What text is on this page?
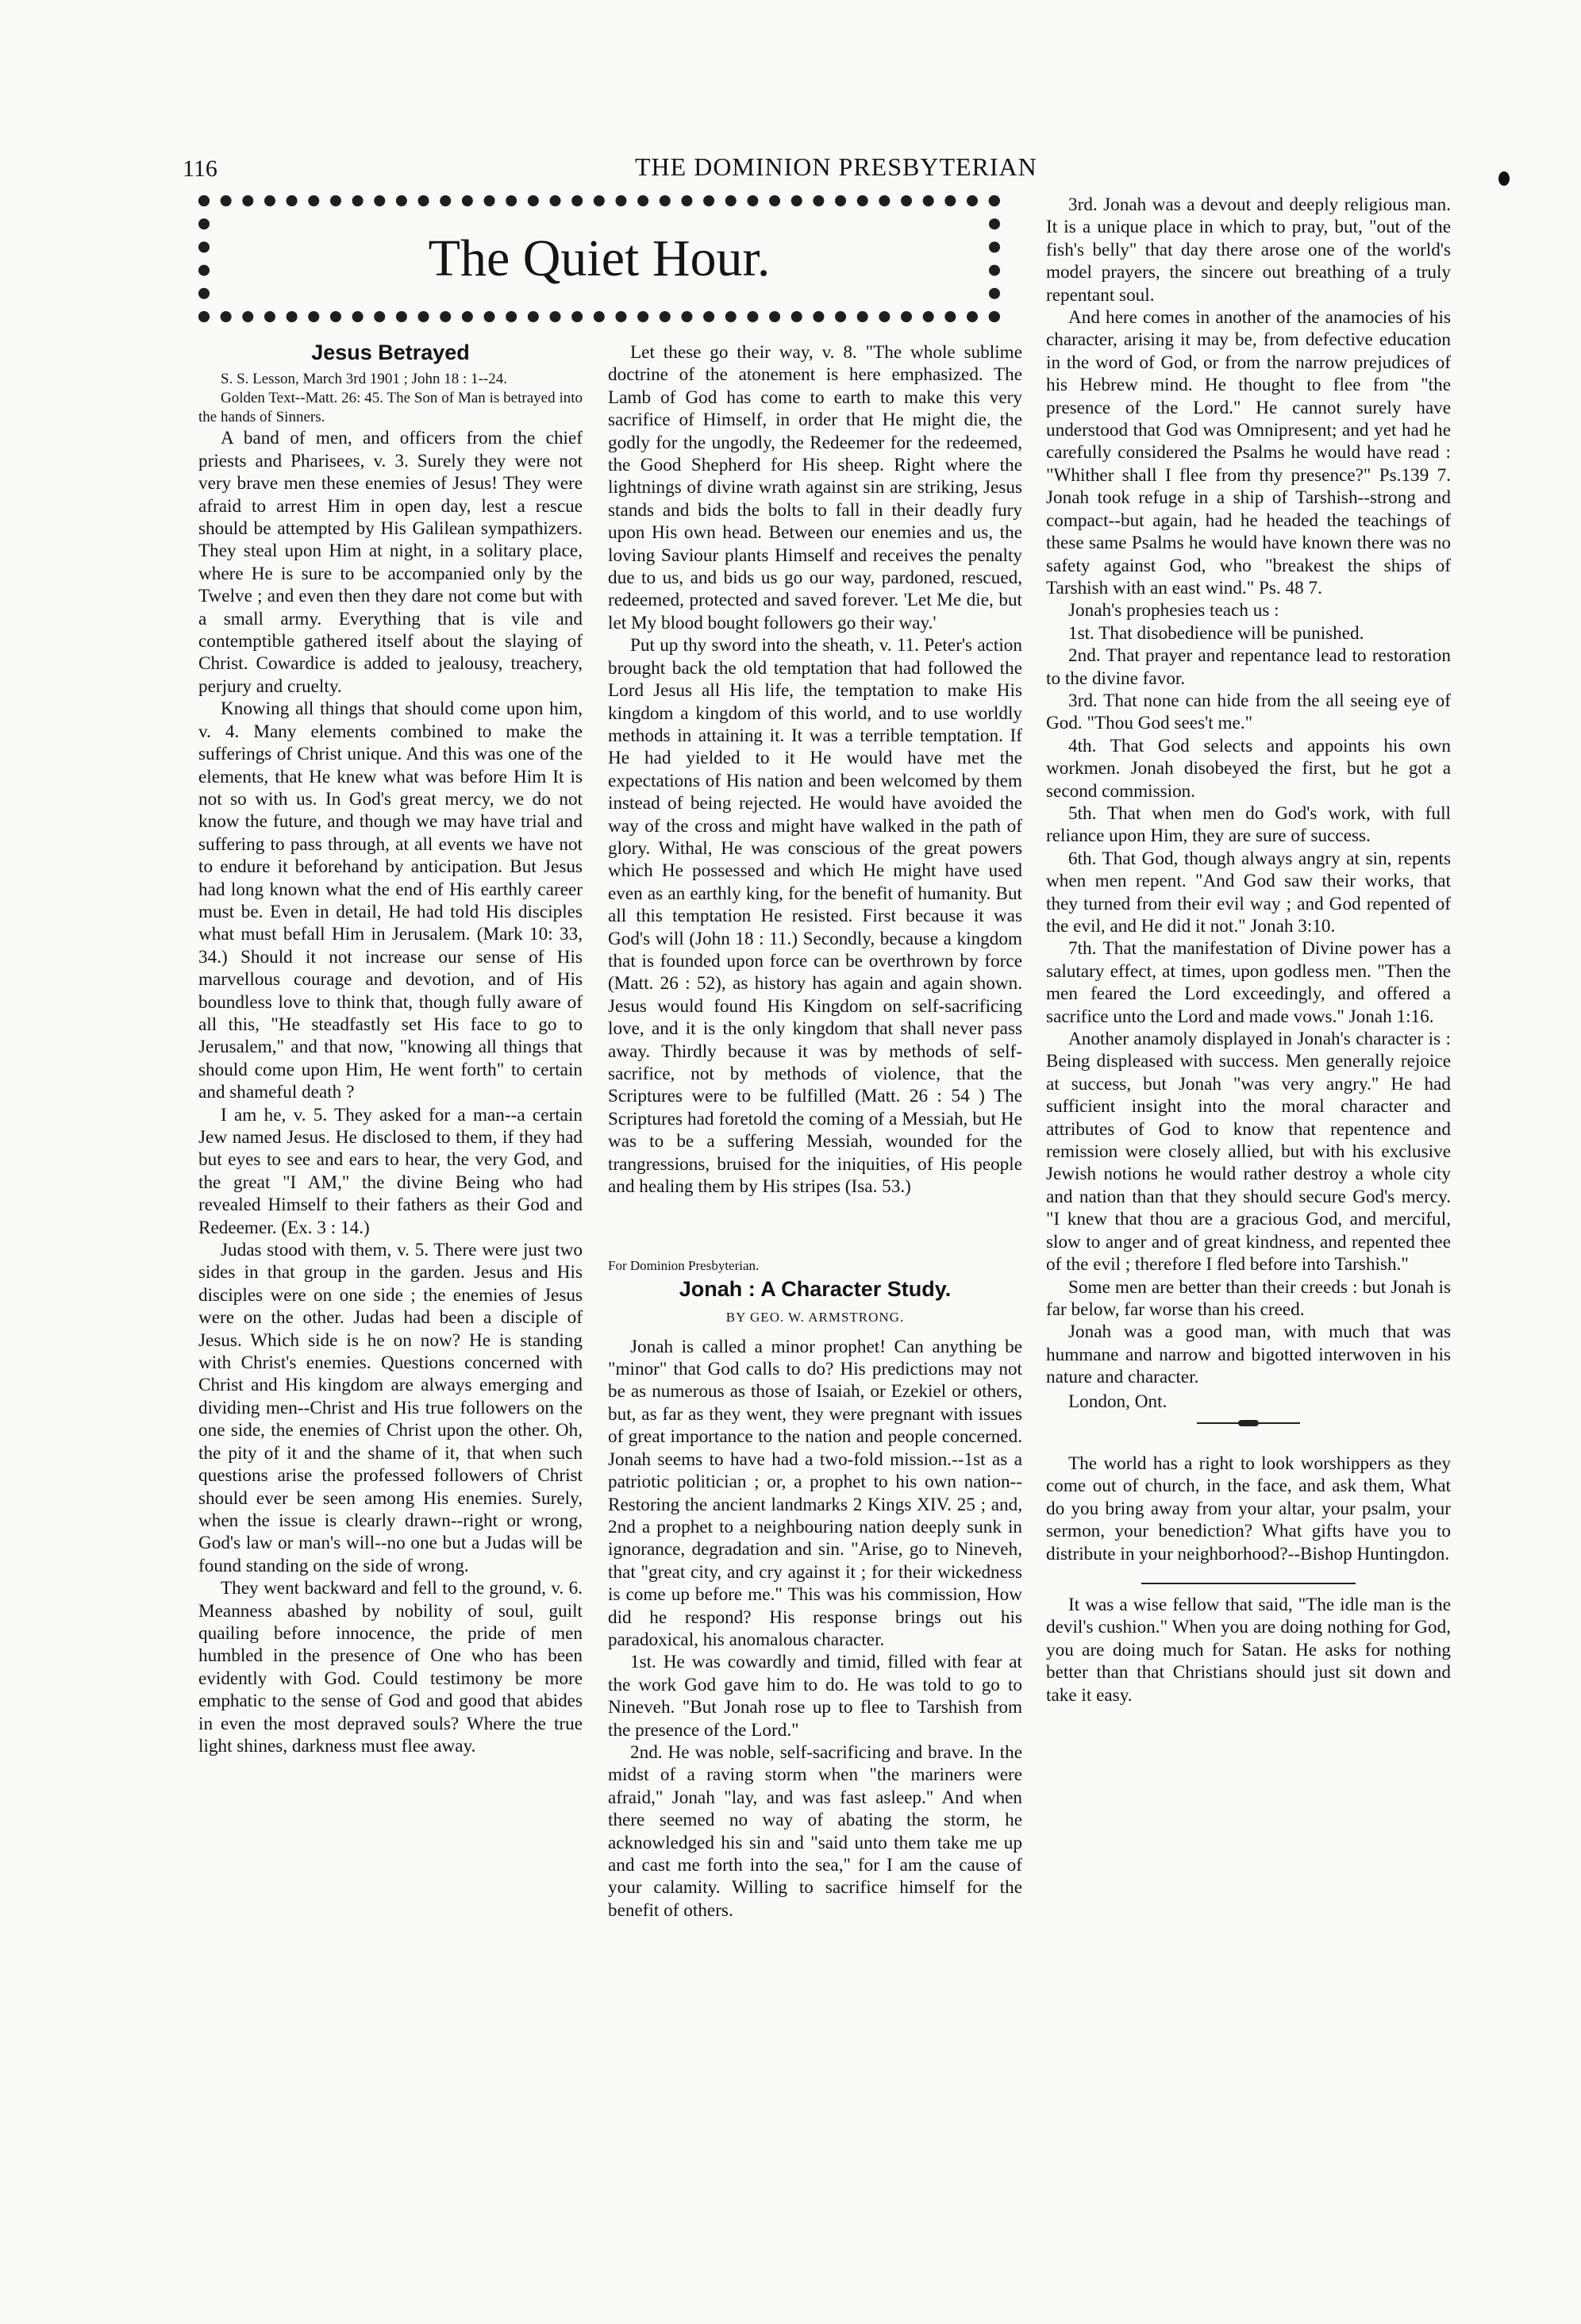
116	THE DOMINION PRESBYTERIAN
The Quiet Hour.
Jesus Betrayed

S. S. Lesson, March 3rd 1901 ; John 18 : 1--24.

Golden Text--Matt. 26: 45. The Son of Man is betrayed into the hands of Sinners.

A band of men, and officers from the chief priests and Pharisees, v. 3. Surely they were not very brave men these enemies of Jesus! They were afraid to arrest Him in open day, lest a rescue should be attempted by His Galilean sympathizers. They steal upon Him at night, in a solitary place, where He is sure to be accompanied only by the Twelve ; and even then they dare not come but with a small army. Everything that is vile and contemptible gathered itself about the slaying of Christ. Cowardice is added to jealousy, treachery, perjury and cruelty.

Knowing all things that should come upon him, v. 4. Many elements combined to make the sufferings of Christ unique. And this was one of the elements, that He knew what was before Him It is not so with us. In God's great mercy, we do not know the future, and though we may have trial and suffering to pass through, at all events we have not to endure it beforehand by anticipation. But Jesus had long known what the end of His earthly career must be. Even in detail, He had told His disciples what must befall Him in Jerusalem. (Mark 10: 33, 34.) Should it not increase our sense of His marvellous courage and devotion, and of His boundless love to think that, though fully aware of all this, "He steadfastly set His face to go to Jerusalem," and that now, "knowing all things that should come upon Him, He went forth" to certain and shameful death ?

I am he, v. 5. They asked for a man--a certain Jew named Jesus. He disclosed to them, if they had but eyes to see and ears to hear, the very God, and the great "I AM," the divine Being who had revealed Himself to their fathers as their God and Redeemer. (Ex. 3 : 14.)

Judas stood with them, v. 5. There were just two sides in that group in the garden. Jesus and His disciples were on one side ; the enemies of Jesus were on the other. Judas had been a disciple of Jesus. Which side is he on now? He is standing with Christ's enemies. Questions concerned with Christ and His kingdom are always emerging and dividing men--Christ and His true followers on the one side, the enemies of Christ upon the other. Oh, the pity of it and the shame of it, that when such questions arise the professed followers of Christ should ever be seen among His enemies. Surely, when the issue is clearly drawn--right or wrong, God's law or man's will--no one but a Judas will be found standing on the side of wrong.

They went backward and fell to the ground, v. 6. Meanness abashed by nobility of soul, guilt quailing before innocence, the pride of men humbled in the presence of One who has been evidently with God. Could testimony be more emphatic to the sense of God and good that abides in even the most depraved souls? Where the true light shines, darkness must flee away.

Let these go their way, v. 8. "The whole sublime doctrine of the atonement is here emphasized. The Lamb of God has come to earth to make this very sacrifice of Himself, in order that He might die, the godly for the ungodly, the Redeemer for the redeemed, the Good Shepherd for His sheep. Right where the lightnings of divine wrath against sin are striking, Jesus stands and bids the bolts to fall in their deadly fury upon His own head. Between our enemies and us, the loving Saviour plants Himself and receives the penalty due to us, and bids us go our way, pardoned, rescued, redeemed, protected and saved forever. 'Let Me die, but let My blood bought followers go their way.'

Put up thy sword into the sheath, v. 11. Peter's action brought back the old temptation that had followed the Lord Jesus all His life, the temptation to make His kingdom a kingdom of this world, and to use worldly methods in attaining it. It was a terrible temptation. If He had yielded to it He would have met the expectations of His nation and been welcomed by them instead of being rejected. He would have avoided the way of the cross and might have walked in the path of glory. Withal, He was conscious of the great powers which He possessed and which He might have used even as an earthly king, for the benefit of humanity. But all this temptation He resisted. First because it was God's will (John 18 : 11.) Secondly, because a kingdom that is founded upon force can be overthrown by force (Matt. 26 : 52), as history has again and again shown. Jesus would found His Kingdom on self-sacrificing love, and it is the only kingdom that shall never pass away. Thirdly because it was by methods of self-sacrifice, not by methods of violence, that the Scriptures were to be fulfilled (Matt. 26 : 54 ) The Scriptures had foretold the coming of a Messiah, but He was to be a suffering Messiah, wounded for the trangressions, bruised for the iniquities, of His people and healing them by His stripes (Isa. 53.)

For Dominion Presbyterian.

Jonah : A Character Study.

BY GEO. W. ARMSTRONG.

Jonah is called a minor prophet! Can anything be "minor" that God calls to do? His predictions may not be as numerous as those of Isaiah, or Ezekiel or others, but, as far as they went, they were pregnant with issues of great importance to the nation and people concerned. Jonah seems to have had a two-fold mission.--1st as a patriotic politician ; or, a prophet to his own nation--Restoring the ancient landmarks 2 Kings XIV. 25 ; and, 2nd a prophet to a neighbouring nation deeply sunk in ignorance, degradation and sin. "Arise, go to Nineveh, that "great city, and cry against it ; for their wickedness is come up before me." This was his commission, How did he respond? His response brings out his paradoxical, his anomalous character.

1st. He was cowardly and timid, filled with fear at the work God gave him to do. He was told to go to Nineveh. "But Jonah rose up to flee to Tarshish from the presence of the Lord."

2nd. He was noble, self-sacrificing and brave. In the midst of a raving storm when "the mariners were afraid," Jonah "lay, and was fast asleep." And when there seemed no way of abating the storm, he acknowledged his sin and "said unto them take me up and cast me forth into the sea," for I am the cause of your calamity. Willing to sacrifice himself for the benefit of others.

3rd. Jonah was a devout and deeply religious man. It is a unique place in which to pray, but, "out of the fish's belly" that day there arose one of the world's model prayers, the sincere out breathing of a truly repentant soul.

And here comes in another of the anamocies of his character, arising it may be, from defective education in the word of God, or from the narrow prejudices of his Hebrew mind. He thought to flee from "the presence of the Lord." He cannot surely have understood that God was Omnipresent; and yet had he carefully considered the Psalms he would have read : "Whither shall I flee from thy presence?" Ps.139 7. Jonah took refuge in a ship of Tarshish--strong and compact--but again, had he headed the teachings of these same Psalms he would have known there was no safety against God, who "breakest the ships of Tarshish with an east wind." Ps. 48 7.

Jonah's prophesies teach us :

1st. That disobedience will be punished.

2nd. That prayer and repentance lead to restoration to the divine favor.

3rd. That none can hide from the all seeing eye of God. "Thou God sees't me."

4th. That God selects and appoints his own workmen. Jonah disobeyed the first, but he got a second commission.

5th. That when men do God's work, with full reliance upon Him, they are sure of success.

6th. That God, though always angry at sin, repents when men repent. "And God saw their works, that they turned from their evil way ; and God repented of the evil, and He did it not." Jonah 3:10.

7th. That the manifestation of Divine power has a salutary effect, at times, upon godless men. "Then the men feared the Lord exceedingly, and offered a sacrifice unto the Lord and made vows." Jonah 1:16.

Another anamoly displayed in Jonah's character is : Being displeased with success. Men generally rejoice at success, but Jonah "was very angry." He had sufficient insight into the moral character and attributes of God to know that repentence and remission were closely allied, but with his exclusive Jewish notions he would rather destroy a whole city and nation than that they should secure God's mercy. "I knew that thou are a gracious God, and merciful, slow to anger and of great kindness, and repented thee of the evil ; therefore I fled before into Tarshish."

Some men are better than their creeds : but Jonah is far below, far worse than his creed.

Jonah was a good man, with much that was hummane and narrow and bigotted interwoven in his nature and character.

London, Ont.

The world has a right to look worshippers as they come out of church, in the face, and ask them, What do you bring away from your altar, your psalm, your sermon, your benediction? What gifts have you to distribute in your neighborhood?--Bishop Huntingdon.

It was a wise fellow that said, "The idle man is the devil's cushion." When you are doing nothing for God, you are doing much for Satan. He asks for nothing better than that Christians should just sit down and take it easy.
